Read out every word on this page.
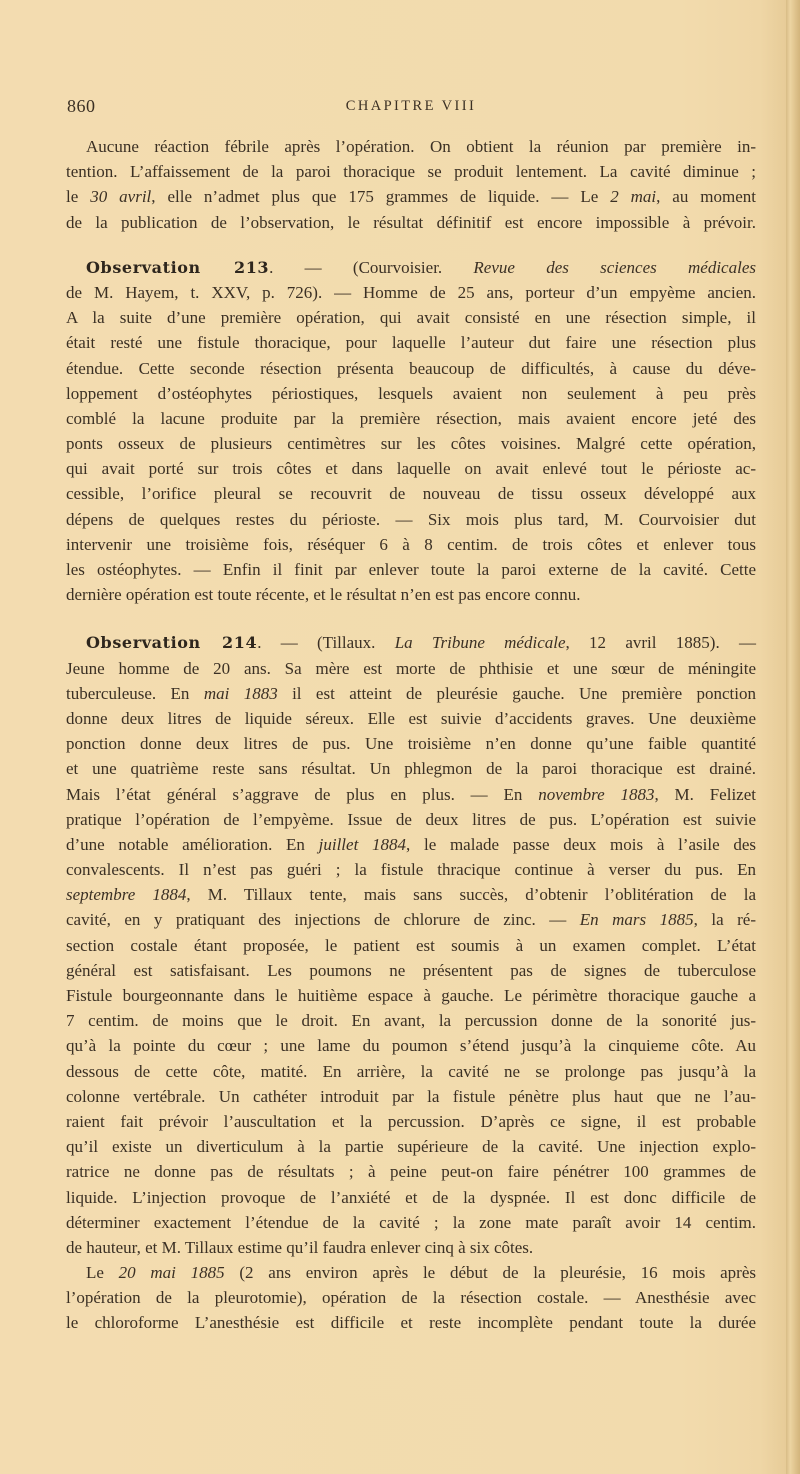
860	CHAPITRE VIII
Aucune réaction fébrile après l’opération. On obtient la réunion par première in-
tention. L’affaissement de la paroi thoracique se produit lentement. La cavité diminue ;
le 30 avril, elle n’admet plus que 175 grammes de liquide. — Le 2 mai, au moment
de la publication de l’observation, le résultat définitif est encore impossible à prévoir.
Observation 213. — (Courvoisier. Revue des sciences médicales
de M. Hayem, t. XXV, p. 726). — Homme de 25 ans, porteur d’un empyème ancien.
A la suite d’une première opération, qui avait consisté en une résection simple, il
était resté une fistule thoracique, pour laquelle l’auteur dut faire une résection plus
étendue. Cette seconde résection présenta beaucoup de difficultés, à cause du déve-
loppement d’ostéophytes périostiques, lesquels avaient non seulement à peu près
comblé la lacune produite par la première résection, mais avaient encore jeté des
ponts osseux de plusieurs centimètres sur les côtes voisines. Malgré cette opération,
qui avait porté sur trois côtes et dans laquelle on avait enlevé tout le périoste ac-
cessible, l’orifice pleural se recouvrit de nouveau de tissu osseux développé aux
dépens de quelques restes du périoste. — Six mois plus tard, M. Courvoisier dut
intervenir une troisième fois, réséquer 6 à 8 centim. de trois côtes et enlever tous
les ostéophytes. — Enfin il finit par enlever toute la paroi externe de la cavité. Cette
dernière opération est toute récente, et le résultat n’en est pas encore connu.
Observation 214. — (Tillaux. La Tribune médicale, 12 avril 1885). —
Jeune homme de 20 ans. Sa mère est morte de phthisie et une sœur de méningite
tuberculeuse. En mai 1883 il est atteint de pleurésie gauche. Une première ponction
donne deux litres de liquide séreux. Elle est suivie d’accidents graves. Une deuxième
ponction donne deux litres de pus. Une troisième n’en donne qu’une faible quantité
et une quatrième reste sans résultat. Un phlegmon de la paroi thoracique est drainé.
Mais l’état général s’aggrave de plus en plus. — En novembre 1883, M. Felizet
pratique l’opération de l’empyème. Issue de deux litres de pus. L’opération est suivie
d’une notable amélioration. En juillet 1884, le malade passe deux mois à l’asile des
convalescents. Il n’est pas guéri ; la fistule thracique continue à verser du pus. En
septembre 1884, M. Tillaux tente, mais sans succès, d’obtenir l’oblitération de la
cavité, en y pratiquant des injections de chlorure de zinc. — En mars 1885, la ré-
section costale étant proposée, le patient est soumis à un examen complet. L’état
général est satisfaisant. Les poumons ne présentent pas de signes de tuberculose
Fistule bourgeonnante dans le huitième espace à gauche. Le périmètre thoracique gauche a
7 centim. de moins que le droit. En avant, la percussion donne de la sonorité jus-
qu’à la pointe du cœur ; une lame du poumon s’étend jusqu’à la cinquieme côte. Au
dessous de cette côte, matité. En arrière, la cavité ne se prolonge pas jusqu’à la
colonne vertébrale. Un cathéter introduit par la fistule pénètre plus haut que ne l’au-
raient fait prévoir l’auscultation et la percussion. D’après ce signe, il est probable
qu’il existe un diverticulum à la partie supérieure de la cavité. Une injection explo-
ratrice ne donne pas de résultats ; à peine peut-on faire pénétrer 100 grammes de
liquide. L’injection provoque de l’anxiété et de la dyspnée. Il est donc difficile de
déterminer exactement l’étendue de la cavité ; la zone mate paraît avoir 14 centim.
de hauteur, et M. Tillaux estime qu’il faudra enlever cinq à six côtes.
Le 20 mai 1885 (2 ans environ après le début de la pleurésie, 16 mois après
l’opération de la pleurotomie), opération de la résection costale. — Anesthésie avec
le chloroforme L’anesthésie est difficile et reste incomplète pendant toute la durée
